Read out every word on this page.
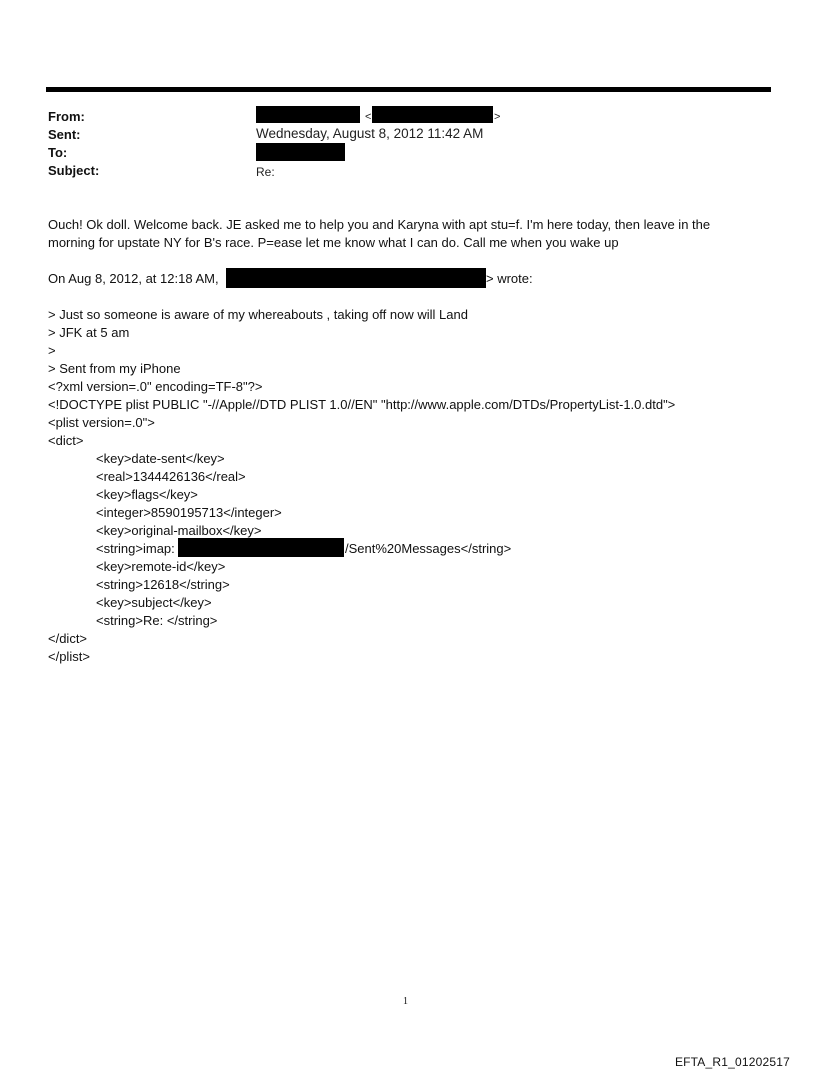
From:	<	>
Sent:	Wednesday, August 8, 2012 11:42 AM
To:
Subject:	Re:
Ouch! Ok doll. Welcome back. JE asked me to help you and Karyna with apt stu=f. I'm here today, then leave in the
morning for upstate NY for B's race. P=ease let me know what I can do. Call me when you wake up
On Aug 8, 2012, at 12:18 AM,	> wrote:
> Just so someone is aware of my whereabouts , taking off now will Land
> JFK at 5 am
>
> Sent from my iPhone
<?xml version=.0" encoding=TF-8"?>
<!DOCTYPE plist PUBLIC "-//Apple//DTD PLIST 1.0//EN" "http://www.apple.com/DTDs/PropertyList-1.0.dtd">
<plist version=.0">
<dict>
<key>date-sent</key>
<real>1344426136</real>
<key>flags</key>
<integer>8590195713</integer>
<key>original-mailbox</key>
<string>imap:	/Sent%20Messages</string>
<key>remote-id</key>
<string>12618</string>
<key>subject</key>
<string>Re: </string>
</dict>
</plist>
1
EFTA_R1_01202517
